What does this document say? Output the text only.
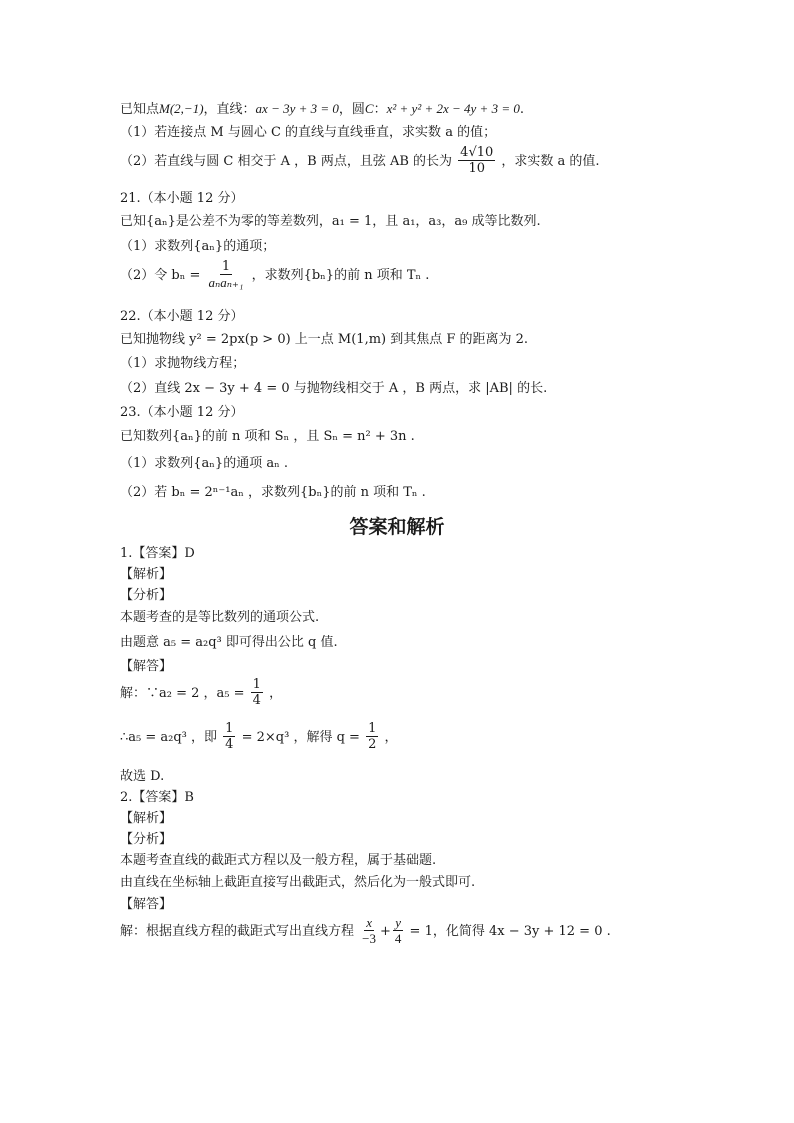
已知点M(2,−1)，直线：ax − 3y + 3 = 0，圆C：x² + y² + 2x − 4y + 3 = 0.
（1）若连接点 M 与圆心 C 的直线与直线垂直，求实数 a 的值；
（2）若直线与圆 C 相交于 A ，B 两点，且弦 AB 的长为 $\frac{4√10}{10}$ ，求实数 a 的值.
21.（本小题 12 分）
已知{aₙ}是公差不为零的等差数列，a₁ = 1，且 a₁，a₃，a₉ 成等比数列.
（1）求数列{aₙ}的通项；
（2）令 $b_n = \frac{1}{\text{aₙaₙ₊₁}}$ ，求数列{bₙ}的前 n 项和 Tₙ .
22.（本小题 12 分）
已知抛物线 y² = 2px(p > 0) 上一点 M(1,m) 到其焦点 F 的距离为 2.
（1）求抛物线方程；
（2）直线 2x − 3y + 4 = 0 与抛物线相交于 A ，B 两点，求 |AB| 的长.
23.（本小题 12 分）
已知数列{aₙ}的前 n 项和 Sₙ ，且 Sₙ = n² + 3n .
（1）求数列{aₙ}的通项 aₙ .
（2）若 bₙ = 2ⁿ⁻¹aₙ ，求数列{bₙ}的前 n 项和 Tₙ .
答案和解析
1.【答案】D
【解析】
【分析】
本题考查的是等比数列的通项公式.
由题意 a₅ = a₂q³ 即可得出公比 q 值.
【解答】
解：∵a₂ = 2 ，$a_5 = \frac{1}{4}$ ，
∴a₅ = a₂q³ ，即 $\frac{1}{4} = 2\times q^3$ ，解得 $q = \frac{1}{2}$ ，
故选 D.
2.【答案】B
【解析】
【分析】
本题考查直线的截距式方程以及一般方程，属于基础题.
由直线在坐标轴上截距直接写出截距式，然后化为一般式即可.
【解答】
解：根据直线方程的截距式写出直线方程 $\frac{x}{-3} + \frac{y}{4} = 1$，化简得 4x − 3y + 12 = 0 .
